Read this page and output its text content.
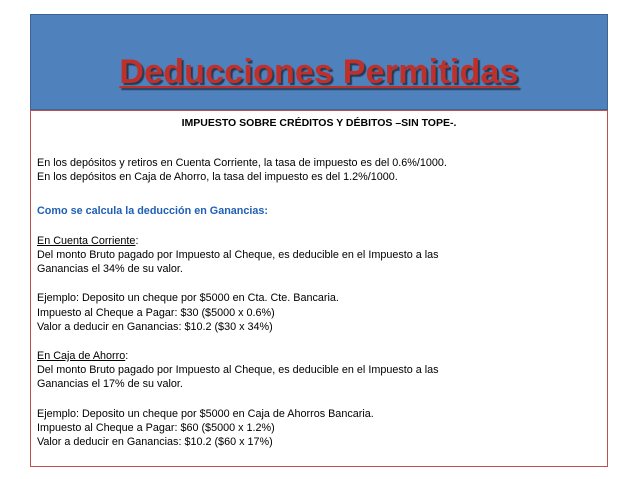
Deducciones Permitidas
IMPUESTO SOBRE CRÉDITOS Y DÉBITOS –SIN TOPE-.
En los depósitos y retiros en Cuenta Corriente, la tasa de impuesto es del 0.6%/1000.
En los depósitos en Caja de Ahorro, la tasa del impuesto es del 1.2%/1000.
Como se calcula la deducción en Ganancias:
En Cuenta Corriente:
Del monto Bruto pagado por Impuesto al Cheque, es deducible en el Impuesto a las
Ganancias el 34% de su valor.
Ejemplo: Deposito un cheque por $5000 en Cta. Cte. Bancaria.
Impuesto al Cheque a Pagar: $30 ($5000 x 0.6%)
Valor a deducir en Ganancias: $10.2 ($30 x 34%)
En Caja de Ahorro:
Del monto Bruto pagado por Impuesto al Cheque, es deducible en el Impuesto a las
Ganancias el 17% de su valor.
Ejemplo: Deposito un cheque por $5000 en Caja de Ahorros Bancaria.
Impuesto al Cheque a Pagar: $60 ($5000 x 1.2%)
Valor a deducir en Ganancias: $10.2 ($60 x 17%)
